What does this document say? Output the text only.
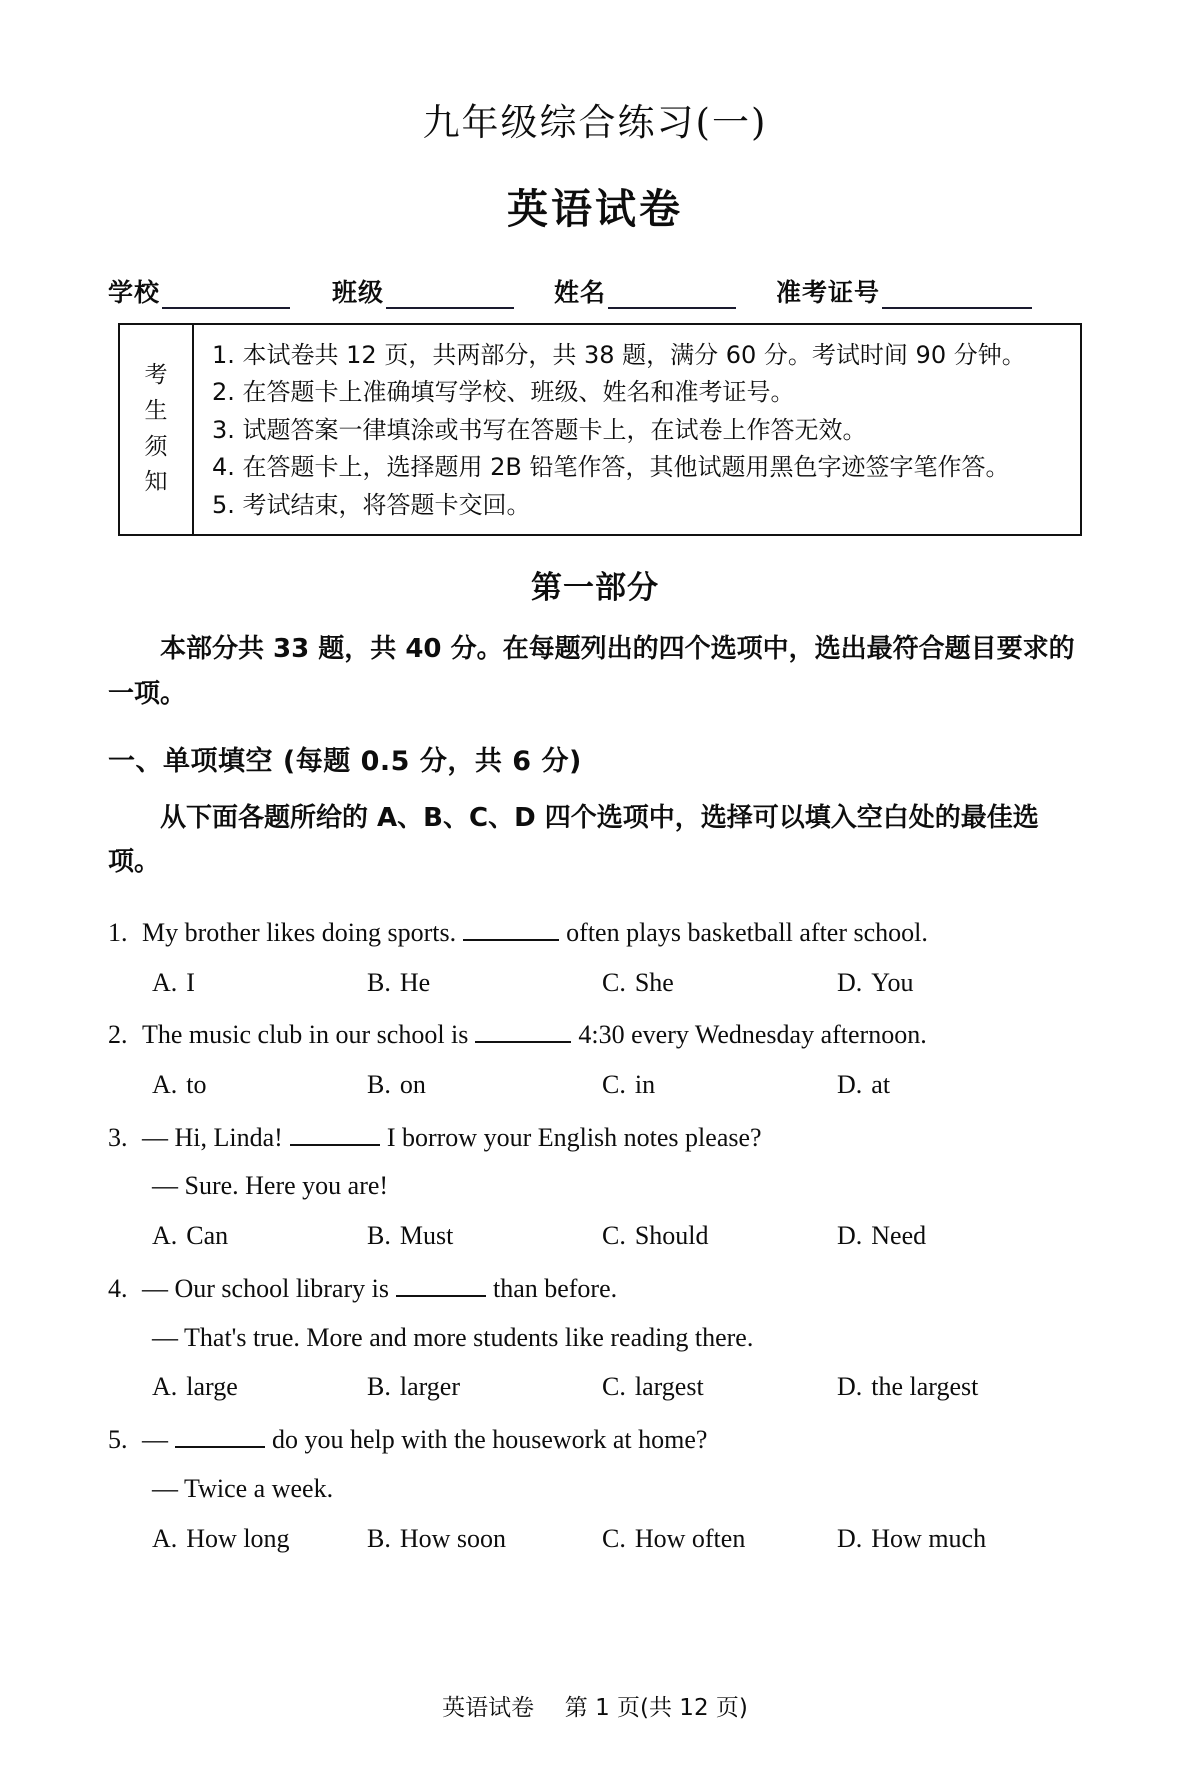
九年级综合练习(一)
英语试卷
学校	班级	姓名	准考证号
考
生
须
知
1. 本试卷共 12 页，共两部分，共 38 题，满分 60 分。考试时间 90 分钟。
2. 在答题卡上准确填写学校、班级、姓名和准考证号。
3. 试题答案一律填涂或书写在答题卡上，在试卷上作答无效。
4. 在答题卡上，选择题用 2B 铅笔作答，其他试题用黑色字迹签字笔作答。
5. 考试结束，将答题卡交回。
第一部分
本部分共 33 题，共 40 分。在每题列出的四个选项中，选出最符合题目要求的一项。
一、单项填空 (每题 0.5 分，共 6 分)
从下面各题所给的 A、B、C、D 四个选项中，选择可以填入空白处的最佳选项。
1. My brother likes doing sports.	often plays basketball after school.
A. I	B. He	C. She	D. You
2. The music club in our school is	4:30 every Wednesday afternoon.
A. to	B. on	C. in	D. at
3. — Hi, Linda!	I borrow your English notes please?
— Sure. Here you are!
A. Can	B. Must	C. Should	D. Need
4. — Our school library is	than before.
— That's true. More and more students like reading there.
A. large	B. larger	C. largest	D. the largest
5. —	do you help with the housework at home?
— Twice a week.
A. How long	B. How soon	C. How often	D. How much
英语试卷 第 1 页(共 12 页)
